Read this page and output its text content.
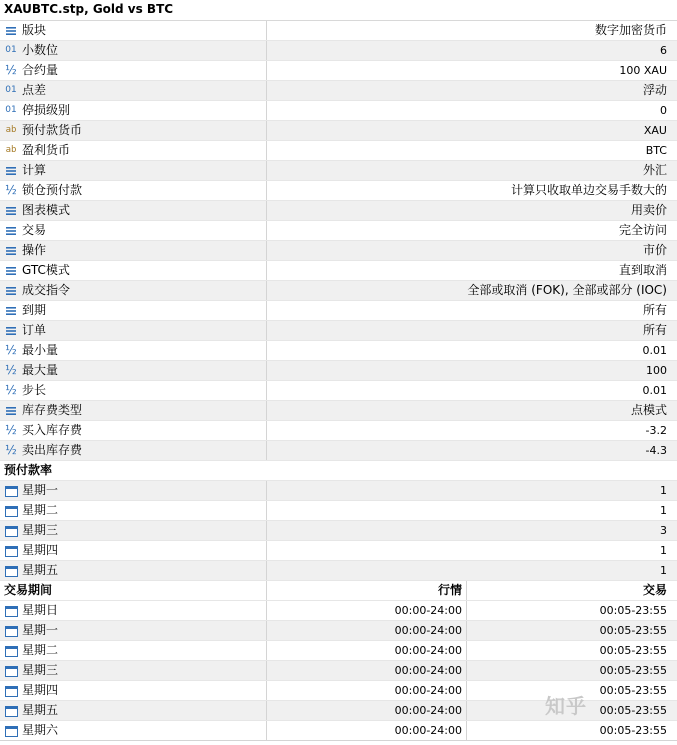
XAUBTC.stp, Gold vs BTC
版块	数字加密货币
01 小数位	6
½ 合约量	100 XAU
01 点差	浮动
01 停损级别	0
ab 预付款货币	XAU
ab 盈利货币	BTC
计算	外汇
½ 锁仓预付款	计算只收取单边交易手数大的
图表模式	用卖价
交易	完全访问
操作	市价
GTC模式	直到取消
成交指令	全部或取消 (FOK), 全部或部分 (IOC)
到期	所有
订单	所有
½ 最小量	0.01
½ 最大量	100
½ 步长	0.01
库存费类型	点模式
½ 买入库存费	-3.2
½ 卖出库存费	-4.3
预付款率
星期一	1
星期二	1
星期三	3
星期四	1
星期五	1
交易期间	行情	交易
星期日	00:00-24:00	00:05-23:55
星期一	00:00-24:00	00:05-23:55
星期二	00:00-24:00	00:05-23:55
星期三	00:00-24:00	00:05-23:55
星期四	00:00-24:00	00:05-23:55
星期五	00:00-24:00	00:05-23:55
星期六	00:00-24:00	00:05-23:55
知乎
